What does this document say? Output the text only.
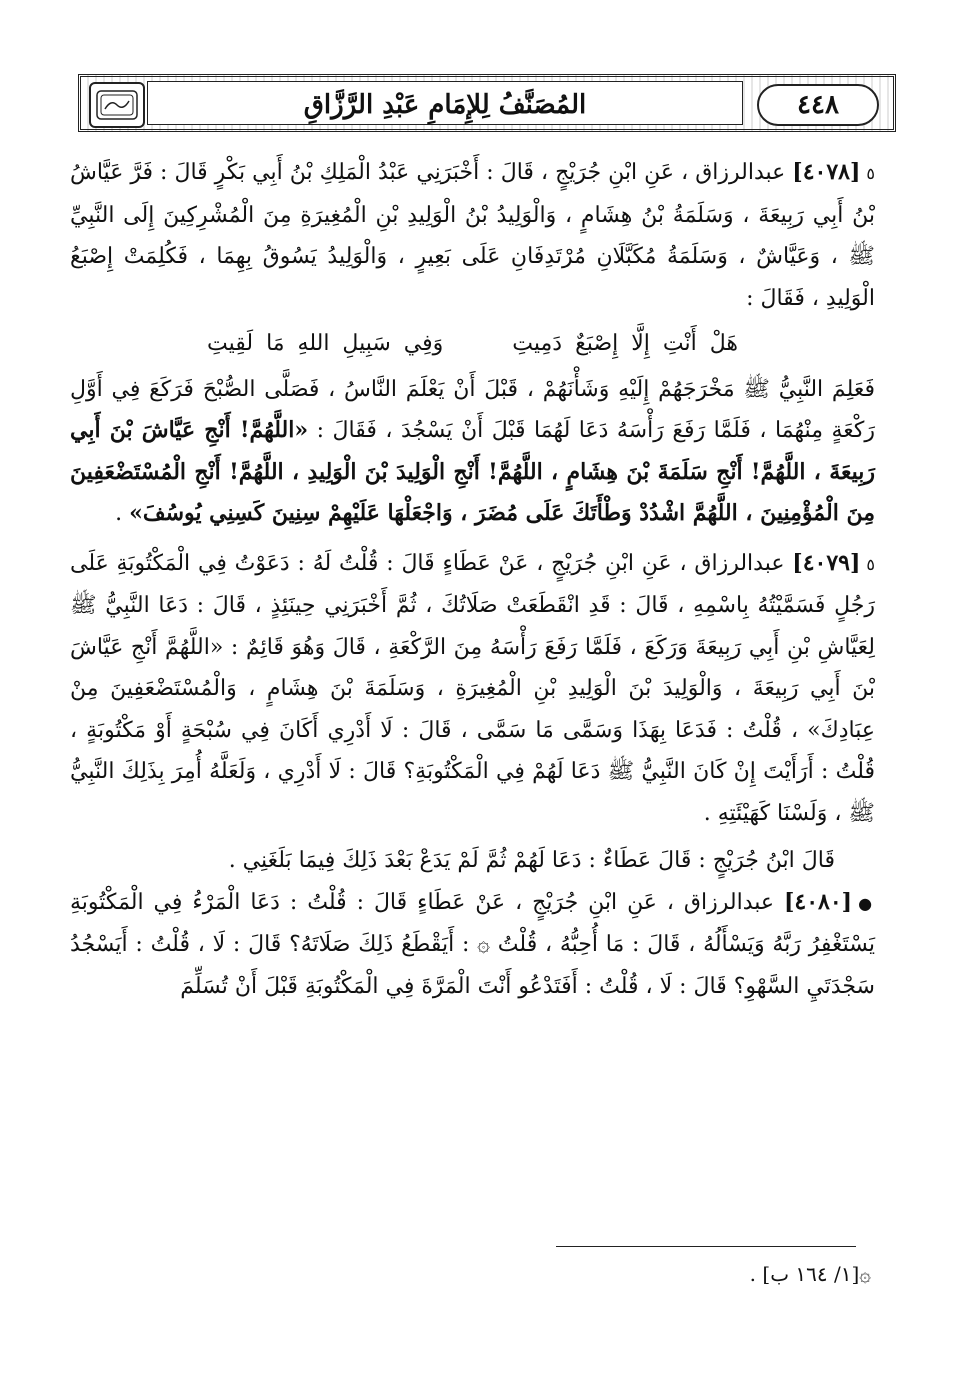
المُصَنَّفُ لِلإِمَامِ عَبْدِ الرَّزَّاقِ	٤٤٨

٥[٤٠٧٨] عبدالرزاق ، عَنِ ابْنِ جُرَيْجٍ ، قَالَ : أَخْبَرَنِي عَبْدُ الْمَلِكِ بْنُ أَبِي بَكْرٍ قَالَ : فَرَّ عَيَّاشُ بْنُ أَبِي رَبِيعَةَ ، وَسَلَمَةُ بْنُ هِشَامٍ ، وَالْوَلِيدُ بْنُ الْوَلِيدِ بْنِ الْمُغِيرَةِ مِنَ الْمُشْرِكِينَ إِلَى النَّبِيِّ ﷺ ، وَعَيَّاشٌ ، وَسَلَمَةُ مُكَبَّلَانِ مُرْتَدِفَانِ عَلَى بَعِيرٍ ، وَالْوَلِيدُ يَسُوقُ بِهِمَا ، فَكُلِمَتْ إِصْبَعُ الْوَلِيدِ ، فَقَالَ :

هَلْ أَنْتِ إِلَّا إِصْبَعٌ دَمِيتِ وَفِي سَبِيلِ اللهِ مَا لَقِيتِ

فَعَلِمَ النَّبِيُّ ﷺ مَخْرَجَهُمْ إِلَيْهِ وَشَأْنَهُمْ ، قَبْلَ أَنْ يَعْلَمَ النَّاسُ ، فَصَلَّى الصُّبْحَ فَرَكَعَ فِي أَوَّلِ رَكْعَةٍ مِنْهُمَا ، فَلَمَّا رَفَعَ رَأْسَهُ دَعَا لَهُمَا قَبْلَ أَنْ يَسْجُدَ ، فَقَالَ : «اللَّهُمَّ! أَنْجِ عَيَّاشَ بْنَ أَبِي رَبِيعَةَ ، اللَّهُمَّ! أَنْجِ سَلَمَةَ بْنَ هِشَامٍ ، اللَّهُمَّ! أَنْجِ الْوَلِيدَ بْنَ الْوَلِيدِ ، اللَّهُمَّ! أَنْجِ الْمُسْتَضْعَفِينَ مِنَ الْمُؤْمِنِينَ ، اللَّهُمَّ اشْدُدْ وَطْأَتَكَ عَلَى مُضَرَ ، وَاجْعَلْهَا عَلَيْهِمْ سِنِينَ كَسِنِي يُوسُفَ» .

٥[٤٠٧٩] عبدالرزاق ، عَنِ ابْنِ جُرَيْجٍ ، عَنْ عَطَاءٍ قَالَ : قُلْتُ لَهُ : دَعَوْتُ فِي الْمَكْتُوبَةِ عَلَى رَجُلٍ فَسَمَّيْتُهُ بِاسْمِهِ ، قَالَ : قَدِ انْقَطَعَتْ صَلَاتُكَ ، ثُمَّ أَخْبَرَنِي حِينَئِذٍ ، قَالَ : دَعَا النَّبِيُّ ﷺ لِعَيَّاشِ بْنِ أَبِي رَبِيعَةَ وَرَكَعَ ، فَلَمَّا رَفَعَ رَأْسَهُ مِنَ الرَّكْعَةِ ، قَالَ وَهُوَ قَائِمٌ : «اللَّهُمَّ أَنْجِ عَيَّاشَ بْنَ أَبِي رَبِيعَةَ ، وَالْوَلِيدَ بْنَ الْوَلِيدِ بْنِ الْمُغِيرَةِ ، وَسَلَمَةَ بْنَ هِشَامٍ ، وَالْمُسْتَضْعَفِينَ مِنْ عِبَادِكَ» ، قُلْتُ : فَدَعَا بِهَذَا وَسَمَّى مَا سَمَّى ، قَالَ : لَا أَدْرِي أَكَانَ فِي سُبْحَةٍ أَوْ مَكْتُوبَةٍ ، قُلْتُ : أَرَأَيْتَ إِنْ كَانَ النَّبِيُّ ﷺ دَعَا لَهُمْ فِي الْمَكْتُوبَةِ؟ قَالَ : لَا أَدْرِي ، وَلَعَلَّهُ أُمِرَ بِذَلِكَ النَّبِيُّ ﷺ ، وَلَسْنَا كَهَيْئَتِهِ .

قَالَ ابْنُ جُرَيْجٍ : قَالَ عَطَاءٌ : دَعَا لَهُمْ ثُمَّ لَمْ يَدَعْ بَعْدَ ذَلِكَ فِيمَا بَلَغَنِي .

●[٤٠٨٠] عبدالرزاق ، عَنِ ابْنِ جُرَيْجٍ ، عَنْ عَطَاءٍ قَالَ : قُلْتُ : دَعَا الْمَرْءُ فِي الْمَكْتُوبَةِ يَسْتَغْفِرُ رَبَّهُ وَيَسْأَلُهُ ، قَالَ : مَا أُحِبُّهُ ، قُلْتُ ۞ : أَيَقْطَعُ ذَلِكَ صَلَاتَهُ؟ قَالَ : لَا ، قُلْتُ : أَيَسْجُدُ سَجْدَتَيِ السَّهْوِ؟ قَالَ : لَا ، قُلْتُ : أَفَتَدْعُو أَنْتَ الْمَرَّةَ فِي الْمَكْتُوبَةِ قَبْلَ أَنْ تُسَلِّمَ

۞[١/ ١٦٤ ب] .
